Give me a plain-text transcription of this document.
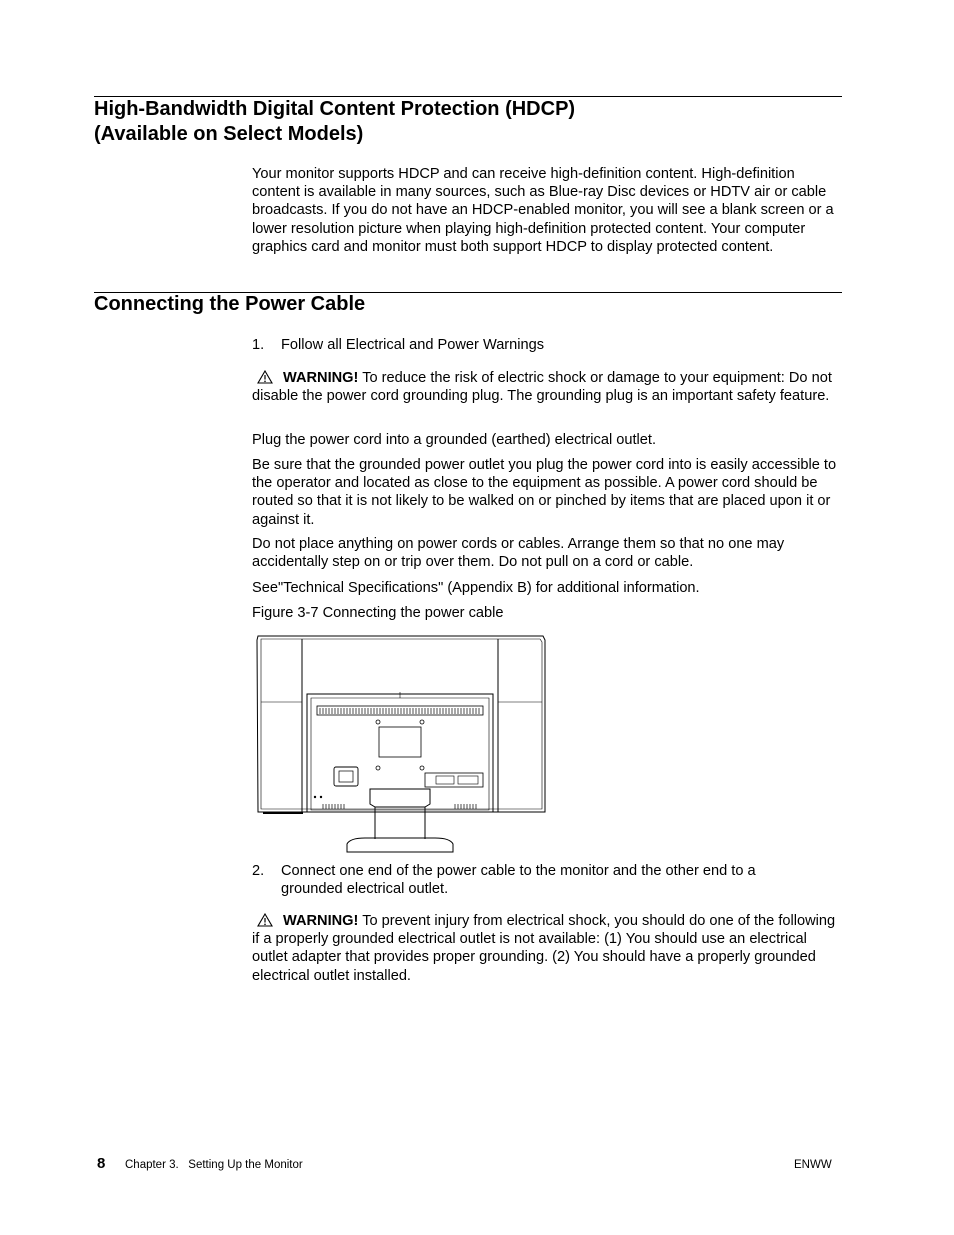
High-Bandwidth Digital Content Protection (HDCP)
(Available on Select Models)

Your monitor supports HDCP and can receive high-definition content. High-definition content is available in many sources, such as Blue-ray Disc devices or HDTV air or cable broadcasts. If you do not have an HDCP-enabled monitor, you will see a blank screen or a lower resolution picture when playing high-definition protected content. Your computer graphics card and monitor must both support HDCP to display protected content.

Connecting the Power Cable
1. Follow all Electrical and Power Warnings

WARNING! To reduce the risk of electric shock or damage to your equipment: Do not disable the power cord grounding plug. The grounding plug is an important safety feature.

Plug the power cord into a grounded (earthed) electrical outlet.

Be sure that the grounded power outlet you plug the power cord into is easily accessible to the operator and located as close to the equipment as possible. A power cord should be routed so that it is not likely to be walked on or pinched by items that are placed upon it or against it.

Do not place anything on power cords or cables. Arrange them so that no one may accidentally step on or trip over them. Do not pull on a cord or cable.

See"Technical Specifications" (Appendix B) for additional information.

Figure 3-7 Connecting the power cable

2. Connect one end of the power cable to the monitor and the other end to a grounded electrical outlet.

WARNING! To prevent injury from electrical shock, you should do one of the following if a properly grounded electrical outlet is not available: (1) You should use an electrical outlet adapter that provides proper grounding. (2) You should have a properly grounded electrical outlet installed.

8 Chapter 3.   Setting Up the Monitor	ENWW
